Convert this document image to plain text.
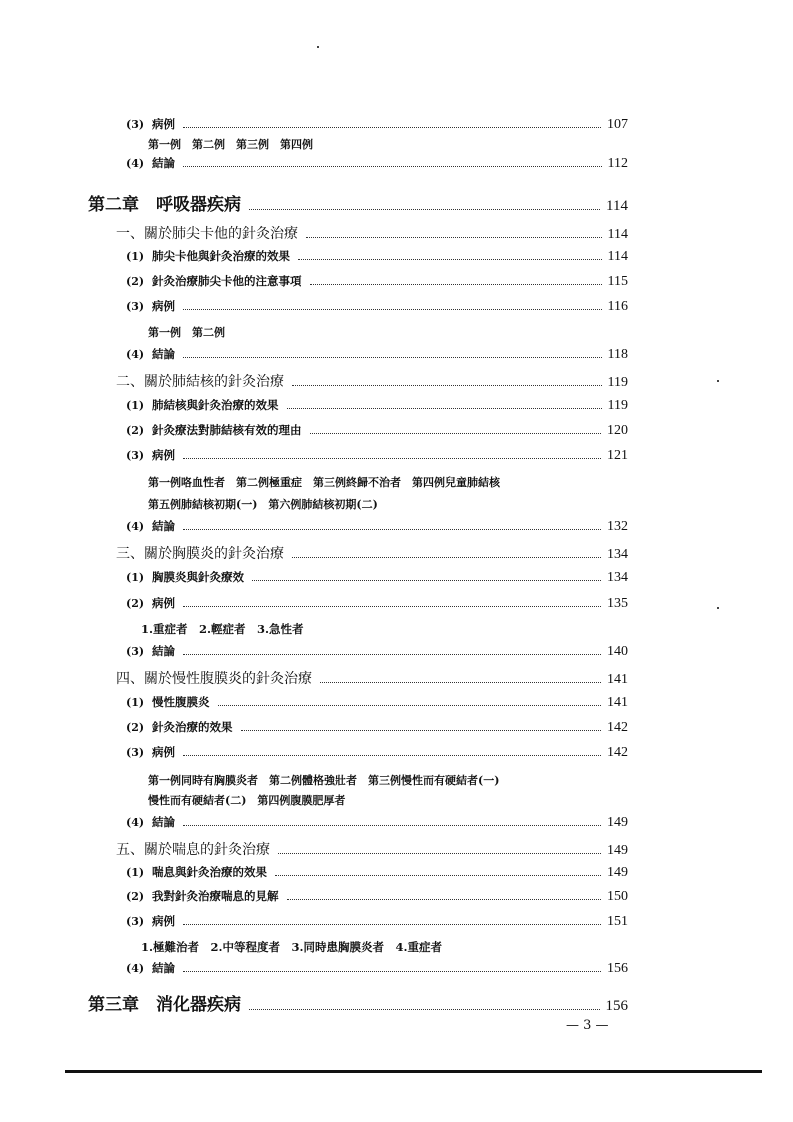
(3) 病例	107
第一例　第二例　第三例　第四例
(4) 結論	112
第二章　呼吸器疾病	114
一、關於肺尖卡他的針灸治療	114
(1) 肺尖卡他與針灸治療的效果	114
(2) 針灸治療肺尖卡他的注意事項	115
(3) 病例	116
第一例　第二例
(4) 結論	118
二、關於肺結核的針灸治療	119
(1) 肺結核與針灸治療的效果	119
(2) 針灸療法對肺結核有效的理由	120
(3) 病例	121
第一例咯血性者　第二例極重症　第三例終歸不治者　第四例兒童肺結核
第五例肺結核初期(一)　第六例肺結核初期(二)
(4) 結論	132
三、關於胸膜炎的針灸治療	134
(1) 胸膜炎與針灸療效	134
(2) 病例	135
1.重症者　2.輕症者　3.急性者
(3) 結論	140
四、關於慢性腹膜炎的針灸治療	141
(1) 慢性腹膜炎	141
(2) 針灸治療的效果	142
(3) 病例	142
第一例同時有胸膜炎者　第二例體格強壯者　第三例慢性而有硬結者(一)
慢性而有硬結者(二)　第四例腹膜肥厚者
(4) 結論	149
五、關於喘息的針灸治療	149
(1) 喘息與針灸治療的效果	149
(2) 我對針灸治療喘息的見解	150
(3) 病例	151
1.極難治者　2.中等程度者　3.同時患胸膜炎者　4.重症者
(4) 結論	156
第三章　消化器疾病	156
— 3 —
